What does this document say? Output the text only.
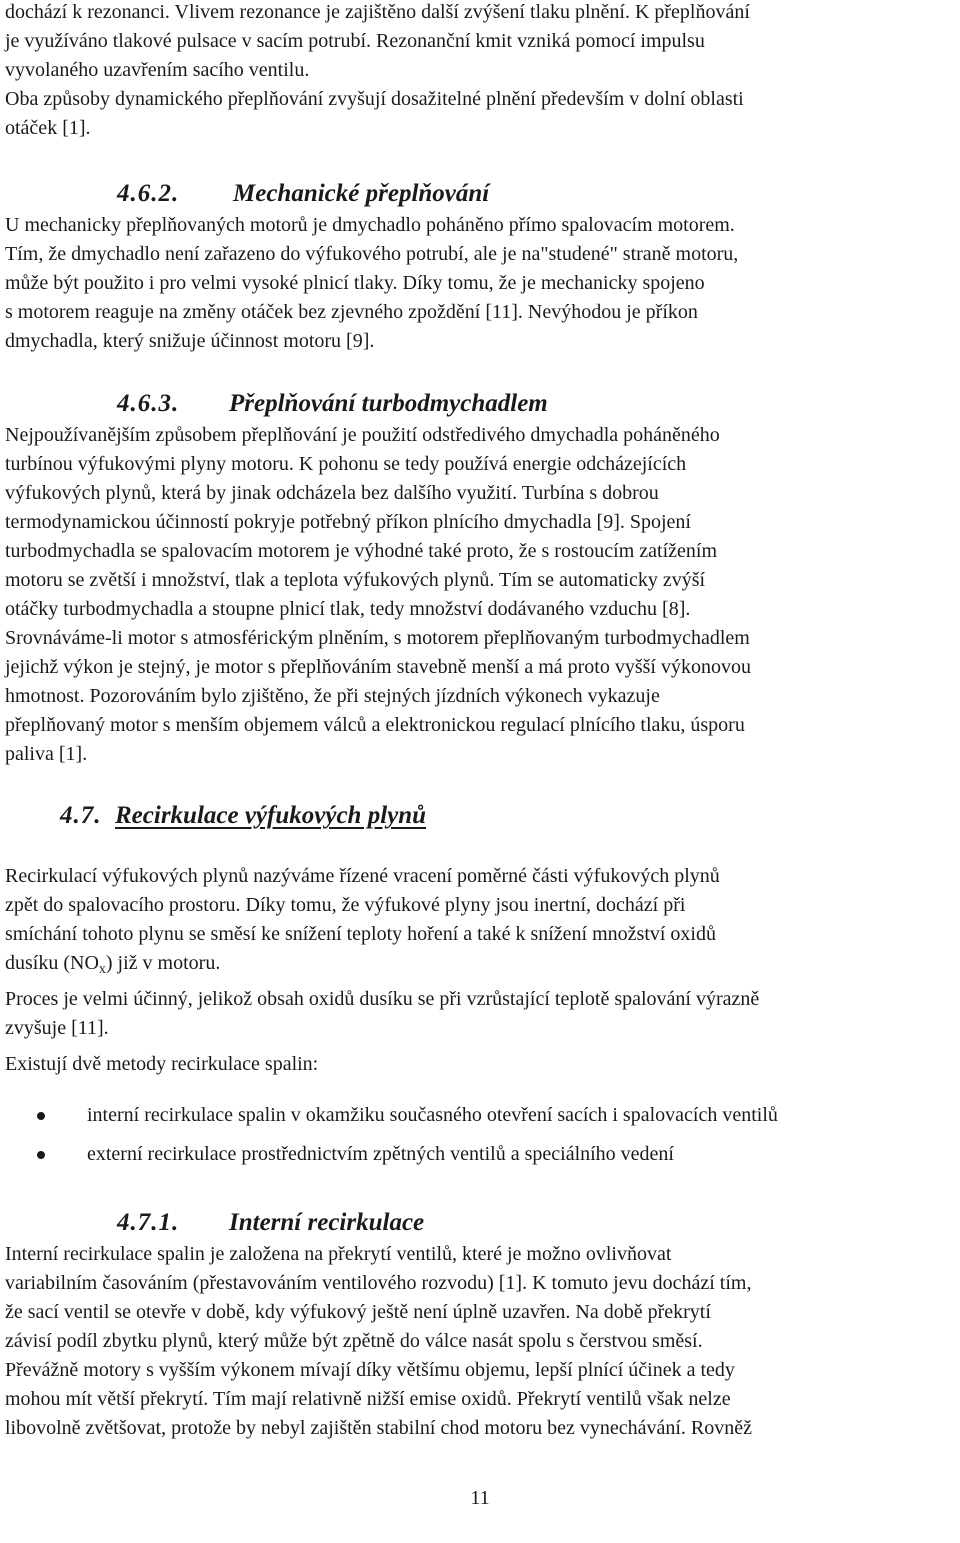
dochází k rezonanci. Vlivem rezonance je zajištěno další zvýšení tlaku plnění. K přeplňování
je využíváno tlakové pulsace v sacím potrubí. Rezonanční kmit vzniká pomocí impulsu
vyvolaného uzavřením sacího ventilu.
Oba způsoby dynamického přeplňování zvyšují dosažitelné plnění především v dolní oblasti
otáček [1].
4.6.2. Mechanické přeplňování
U mechanicky přeplňovaných motorů je dmychadlo poháněno přímo spalovacím motorem.
Tím, že dmychadlo není zařazeno do výfukového potrubí, ale je na"studené" straně motoru,
může být použito i pro velmi vysoké plnicí tlaky. Díky tomu, že je mechanicky spojeno
s motorem reaguje na změny otáček bez zjevného zpoždění [11]. Nevýhodou je příkon
dmychadla, který snižuje účinnost motoru [9].
4.6.3. Přeplňování turbodmychadlem
Nejpoužívanějším způsobem přeplňování je použití odstředivého dmychadla poháněného
turbínou výfukovými plyny motoru. K pohonu se tedy používá energie odcházejících
výfukových plynů, která by jinak odcházela bez dalšího využití. Turbína s dobrou
termodynamickou účinností pokryje potřebný příkon plnícího dmychadla [9]. Spojení
turbodmychadla se spalovacím motorem je výhodné také proto, že s rostoucím zatížením
motoru se zvětší i množství, tlak a teplota výfukových plynů. Tím se automaticky zvýší
otáčky turbodmychadla a stoupne plnicí tlak, tedy množství dodávaného vzduchu [8].
Srovnáváme-li motor s atmosférickým plněním, s motorem přeplňovaným turbodmychadlem
jejichž výkon je stejný, je motor s přeplňováním stavebně menší a má proto vyšší výkonovou
hmotnost. Pozorováním bylo zjištěno, že při stejných jízdních výkonech vykazuje
přeplňovaný motor s menším objemem válců a elektronickou regulací plnícího tlaku, úsporu
paliva [1].
4.7. Recirkulace výfukových plynů
Recirkulací výfukových plynů nazýváme řízené vracení poměrné části výfukových plynů
zpět do spalovacího prostoru. Díky tomu, že výfukové plyny jsou inertní, dochází při
smíchání tohoto plynu se směsí ke snížení teploty hoření a také k snížení množství oxidů
dusíku $(NO_x)$ již v motoru.
Proces je velmi účinný, jelikož obsah oxidů dusíku se při vzrůstající teplotě spalování výrazně
zvyšuje [11].
Existují dvě metody recirkulace spalin:
interní recirkulace spalin v okamžiku současného otevření sacích i spalovacích ventilů
externí recirkulace prostřednictvím zpětných ventilů a speciálního vedení
4.7.1. Interní recirkulace
Interní recirkulace spalin je založena na překrytí ventilů, které je možno ovlivňovat
variabilním časováním (přestavováním ventilového rozvodu) [1]. K tomuto jevu dochází tím,
že sací ventil se otevře v době, kdy výfukový ještě není úplně uzavřen. Na době překrytí
závisí podíl zbytku plynů, který může být zpětně do válce nasát spolu s čerstvou směsí.
Převážně motory s vyšším výkonem mívají díky většímu objemu, lepší plnící účinek a tedy
mohou mít větší překrytí. Tím mají relativně nižší emise oxidů. Překrytí ventilů však nelze
libovolně zvětšovat, protože by nebyl zajištěn stabilní chod motoru bez vynechávání. Rovněž
11
